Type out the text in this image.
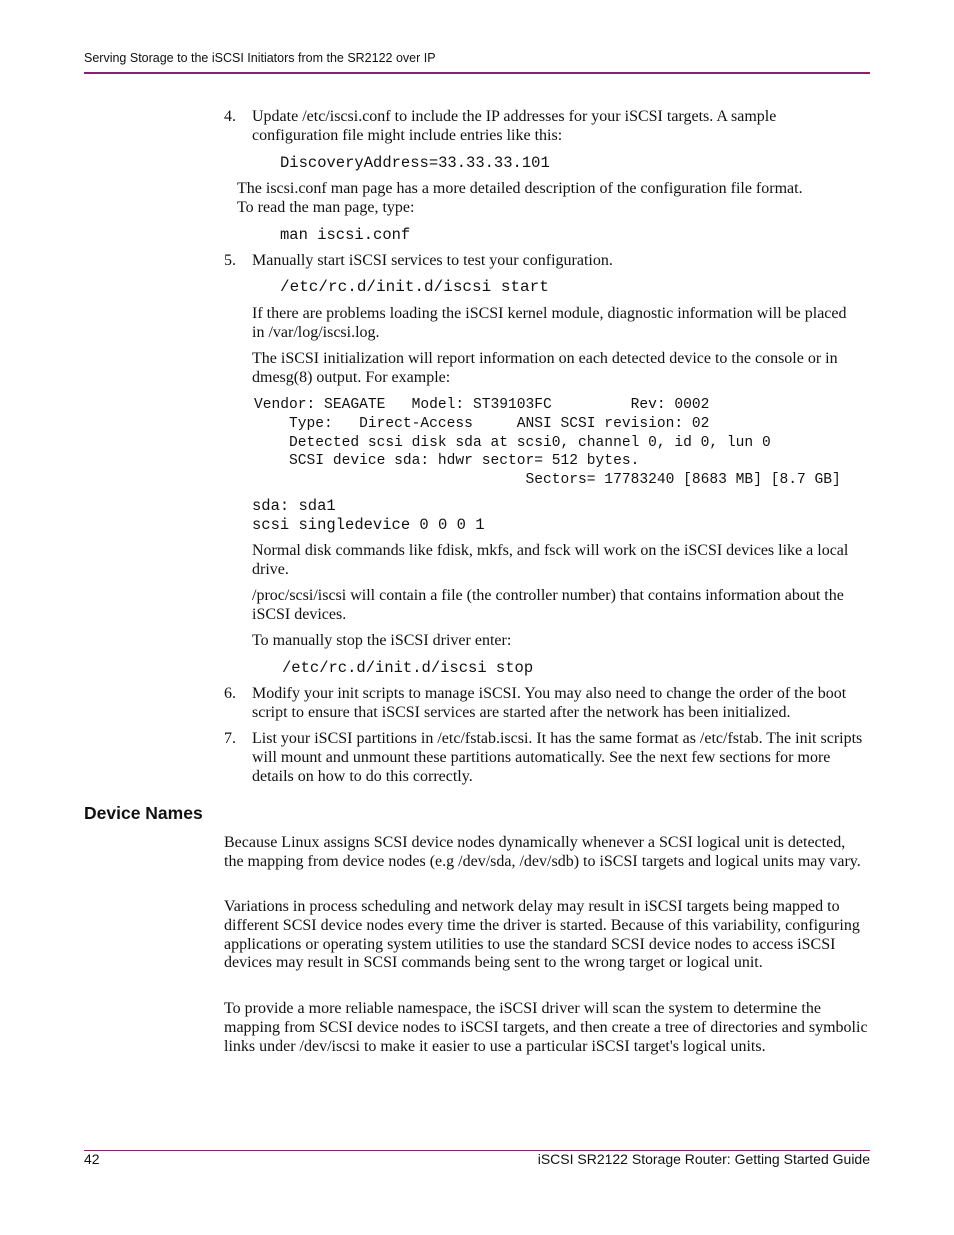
Serving Storage to the iSCSI Initiators from the SR2122 over IP
4. Update /etc/iscsi.conf to include the IP addresses for your iSCSI targets. A sample configuration file might include entries like this:

DiscoveryAddress=33.33.33.101

The iscsi.conf man page has a more detailed description of the configuration file format. To read the man page, type:

man iscsi.conf
5. Manually start iSCSI services to test your configuration.

/etc/rc.d/init.d/iscsi start

If there are problems loading the iSCSI kernel module, diagnostic information will be placed in /var/log/iscsi.log.

The iSCSI initialization will report information on each detected device to the console or in dmesg(8) output. For example:

Vendor: SEAGATE   Model: ST39103FC         Rev: 0002
Type:   Direct-Access     ANSI SCSI revision: 02
Detected scsi disk sda at scsi0, channel 0, id 0, lun 0
SCSI device sda: hdwr sector= 512 bytes.
Sectors= 17783240 [8683 MB] [8.7 GB]
sda: sda1
scsi singledevice 0 0 0 1

Normal disk commands like fdisk, mkfs, and fsck will work on the iSCSI devices like a local drive.

/proc/scsi/iscsi will contain a file (the controller number) that contains information about the iSCSI devices.

To manually stop the iSCSI driver enter:

/etc/rc.d/init.d/iscsi stop
6. Modify your init scripts to manage iSCSI. You may also need to change the order of the boot script to ensure that iSCSI services are started after the network has been initialized.

7. List your iSCSI partitions in /etc/fstab.iscsi. It has the same format as /etc/fstab. The init scripts will mount and unmount these partitions automatically. See the next few sections for more details on how to do this correctly.

Device Names

Because Linux assigns SCSI device nodes dynamically whenever a SCSI logical unit is detected, the mapping from device nodes (e.g /dev/sda, /dev/sdb) to iSCSI targets and logical units may vary.

Variations in process scheduling and network delay may result in iSCSI targets being mapped to different SCSI device nodes every time the driver is started. Because of this variability, configuring applications or operating system utilities to use the standard SCSI device nodes to access iSCSI devices may result in SCSI commands being sent to the wrong target or logical unit.

To provide a more reliable namespace, the iSCSI driver will scan the system to determine the mapping from SCSI device nodes to iSCSI targets, and then create a tree of directories and symbolic links under /dev/iscsi to make it easier to use a particular iSCSI target's logical units.

42	iSCSI SR2122 Storage Router: Getting Started Guide
